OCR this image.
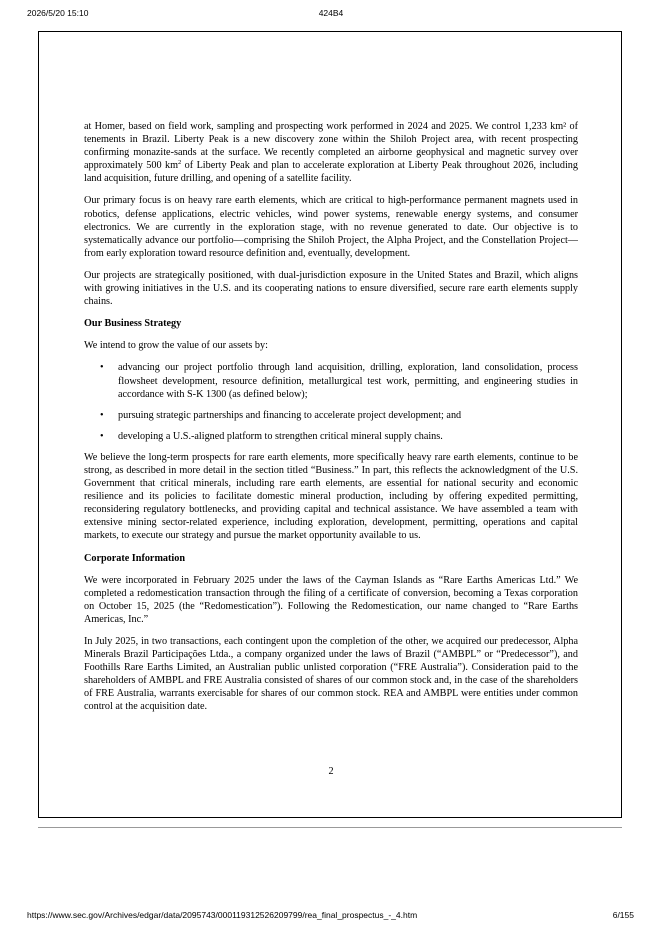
2026/5/20 15:10	424B4

at Homer, based on field work, sampling and prospecting work performed in 2024 and 2025. We control 1,233 km² of tenements in Brazil. Liberty Peak is a new discovery zone within the Shiloh Project area, with recent prospecting confirming monazite-sands at the surface. We recently completed an airborne geophysical and magnetic survey over approximately 500 $km^2$ of Liberty Peak and plan to accelerate exploration at Liberty Peak throughout 2026, including land acquisition, future drilling, and opening of a satellite facility.

Our primary focus is on heavy rare earth elements, which are critical to high-performance permanent magnets used in robotics, defense applications, electric vehicles, wind power systems, renewable energy systems, and consumer electronics. We are currently in the exploration stage, with no revenue generated to date. Our objective is to systematically advance our portfolio—comprising the Shiloh Project, the Alpha Project, and the Constellation Project—from early exploration toward resource definition and, eventually, development.

Our projects are strategically positioned, with dual-jurisdiction exposure in the United States and Brazil, which aligns with growing initiatives in the U.S. and its cooperating nations to ensure diversified, secure rare earth elements supply chains.

Our Business Strategy

We intend to grow the value of our assets by:

• advancing our project portfolio through land acquisition, drilling, exploration, land consolidation, process flowsheet development, resource definition, metallurgical test work, permitting, and engineering studies in accordance with S-K 1300 (as defined below);
• pursuing strategic partnerships and financing to accelerate project development; and
• developing a U.S.-aligned platform to strengthen critical mineral supply chains.

We believe the long-term prospects for rare earth elements, more specifically heavy rare earth elements, continue to be strong, as described in more detail in the section titled “Business.” In part, this reflects the acknowledgment of the U.S. Government that critical minerals, including rare earth elements, are essential for national security and economic resilience and its policies to facilitate domestic mineral production, including by offering expedited permitting, reconsidering regulatory bottlenecks, and providing capital and technical assistance. We have assembled a team with extensive mining sector-related experience, including exploration, development, permitting, operations and capital markets, to execute our strategy and pursue the market opportunity available to us.

Corporate Information

We were incorporated in February 2025 under the laws of the Cayman Islands as “Rare Earths Americas Ltd.” We completed a redomestication transaction through the filing of a certificate of conversion, becoming a Texas corporation on October 15, 2025 (the “Redomestication”). Following the Redomestication, our name changed to “Rare Earths Americas, Inc.”

In July 2025, in two transactions, each contingent upon the completion of the other, we acquired our predecessor, Alpha Minerals Brazil Participações Ltda., a company organized under the laws of Brazil (“AMBPL” or “Predecessor”), and Foothills Rare Earths Limited, an Australian public unlisted corporation (“FRE Australia”). Consideration paid to the shareholders of AMBPL and FRE Australia consisted of shares of our common stock and, in the case of the shareholders of FRE Australia, warrants exercisable for shares of our common stock. REA and AMBPL were entities under common control at the acquisition date.

2
https://www.sec.gov/Archives/edgar/data/2095743/000119312526209799/rea_final_prospectus_-_4.htm	6/155
